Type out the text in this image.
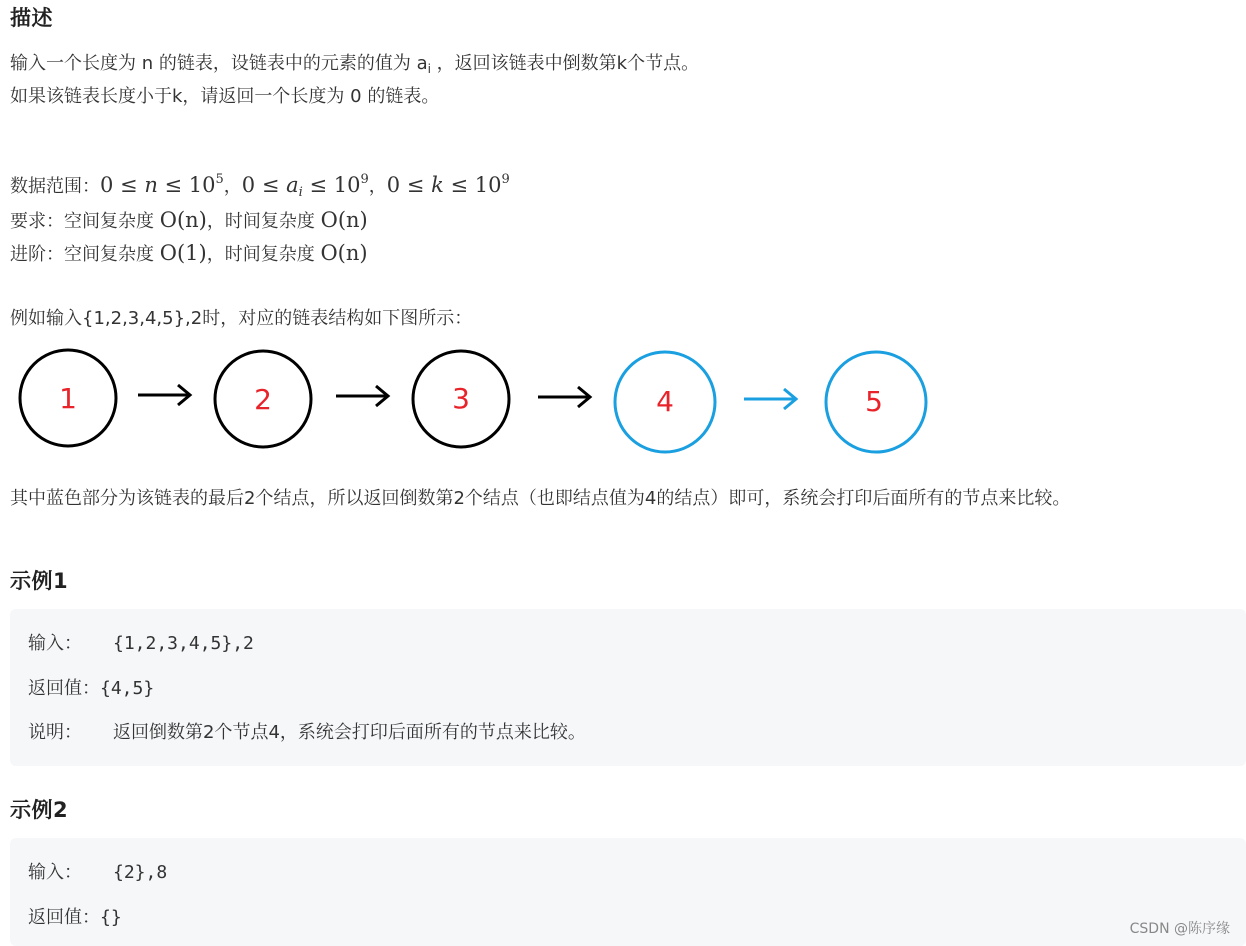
描述
输入一个长度为 n 的链表，设链表中的元素的值为 $a_i$ ，返回该链表中倒数第k个节点。
如果该链表长度小于k，请返回一个长度为 0 的链表。
数据范围：$0 \le n \le 10^5$，$0 \le a_i \le 10^9$，$0 \le k \le 10^9$
要求：空间复杂度 O(n)，时间复杂度 O(n)
进阶：空间复杂度 O(1)，时间复杂度 O(n)
例如输入{1,2,3,4,5},2时，对应的链表结构如下图所示：
1	2	3	4	5
其中蓝色部分为该链表的最后2个结点，所以返回倒数第2个结点（也即结点值为4的结点）即可，系统会打印后面所有的节点来比较。
示例1
输入： {1,2,3,4,5},2
返回值：{4,5}
说明： 返回倒数第2个节点4，系统会打印后面所有的节点来比较。
示例2
输入： {2},8
返回值：{}
CSDN @陈序缘
